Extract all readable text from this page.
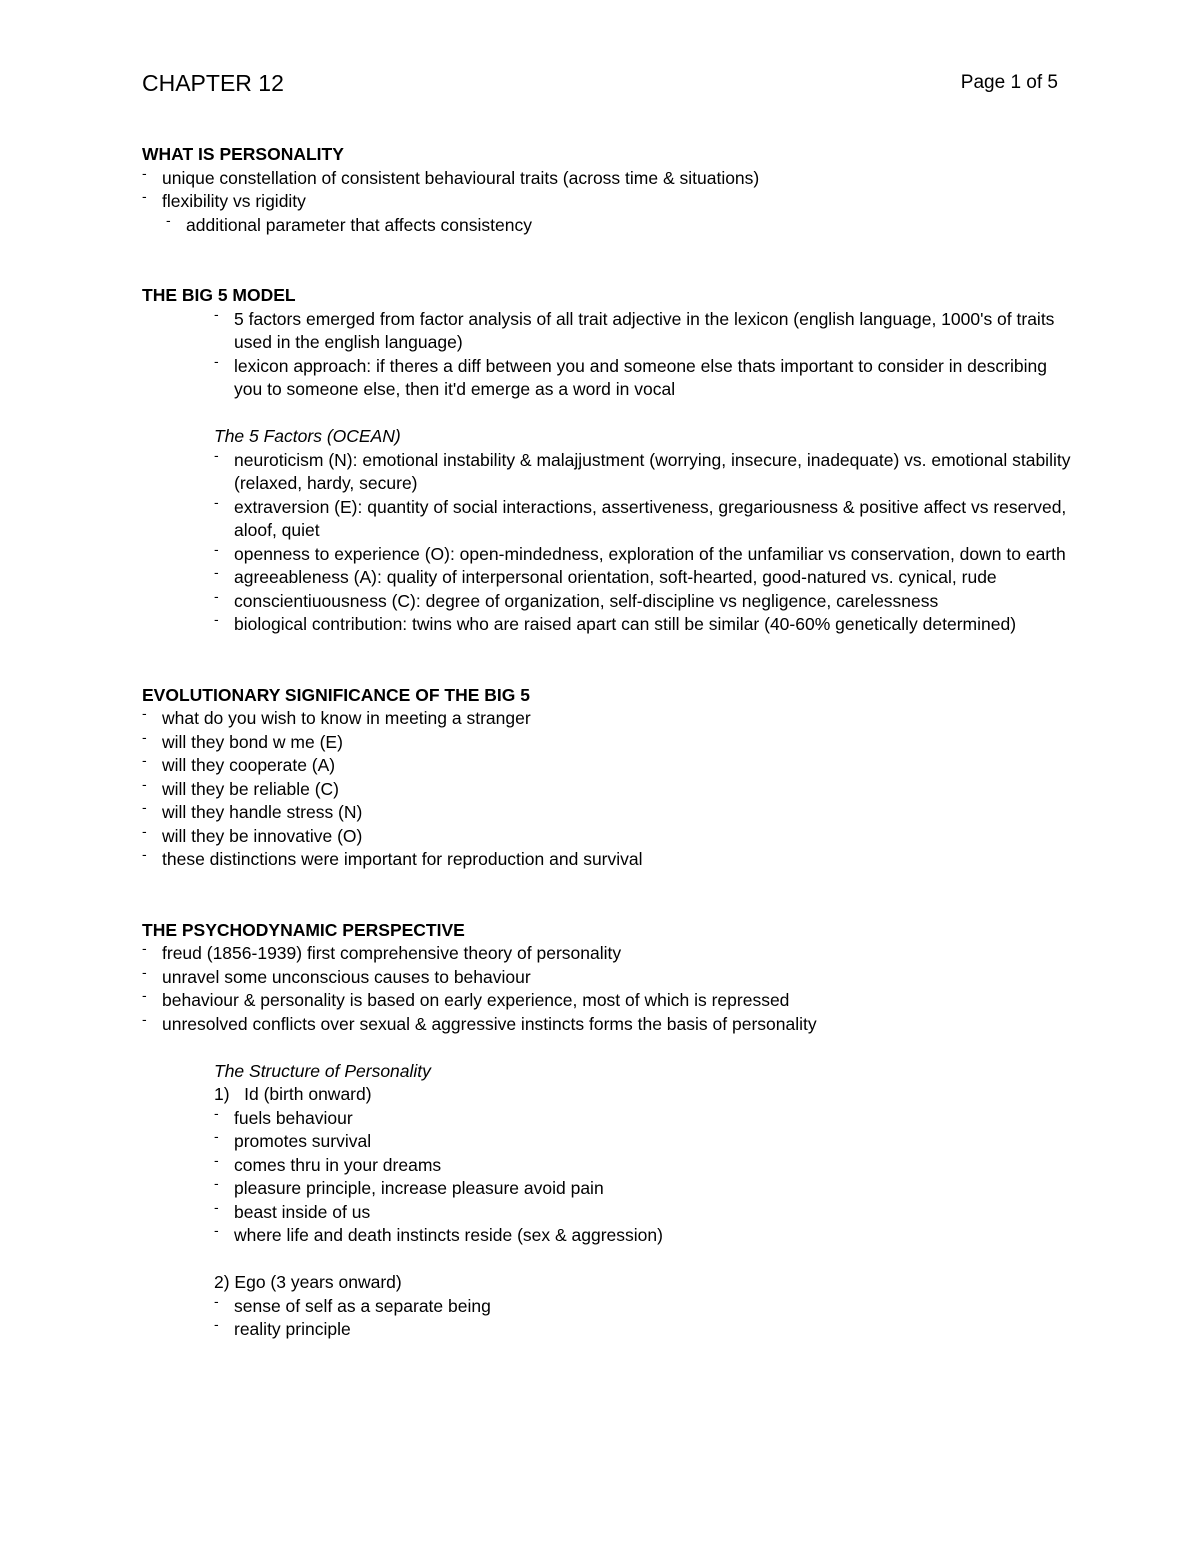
CHAPTER 12	Page 1 of 5
WHAT IS PERSONALITY
- unique constellation of consistent behavioural traits (across time & situations)
- flexibility vs rigidity
- additional parameter that affects consistency
THE BIG 5 MODEL
- 5 factors emerged from factor analysis of all trait adjective in the lexicon (english language, 1000's of traits used in the english language)
- lexicon approach: if theres a diff between you and someone else thats important to consider in describing you to someone else, then it'd emerge as a word in vocal
The 5 Factors (OCEAN)
- neuroticism (N): emotional instability & malajjustment (worrying, insecure, inadequate) vs. emotional stability (relaxed, hardy, secure)
- extraversion (E): quantity of social interactions, assertiveness, gregariousness & positive affect vs reserved, aloof, quiet
- openness to experience (O): open-mindedness, exploration of the unfamiliar vs conservation, down to earth
- agreeableness (A): quality of interpersonal orientation, soft-hearted, good-natured vs. cynical, rude
- conscientiuousness (C): degree of organization, self-discipline vs negligence, carelessness
- biological contribution: twins who are raised apart can still be similar (40-60% genetically determined)
EVOLUTIONARY SIGNIFICANCE OF THE BIG 5
- what do you wish to know in meeting a stranger
- will they bond w me (E)
- will they cooperate (A)
- will they be reliable (C)
- will they handle stress (N)
- will they be innovative (O)
- these distinctions were important for reproduction and survival
THE PSYCHODYNAMIC PERSPECTIVE
- freud (1856-1939) first comprehensive theory of personality
- unravel some unconscious causes to behaviour
- behaviour & personality is based on early experience, most of which is repressed
- unresolved conflicts over sexual & aggressive instincts forms the basis of personality
The Structure of Personality
1)   Id (birth onward)
- fuels behaviour
- promotes survival
- comes thru in your dreams
- pleasure principle, increase pleasure avoid pain
- beast inside of us
- where life and death instincts reside (sex & aggression)
2) Ego (3 years onward)
- sense of self as a separate being
- reality principle
